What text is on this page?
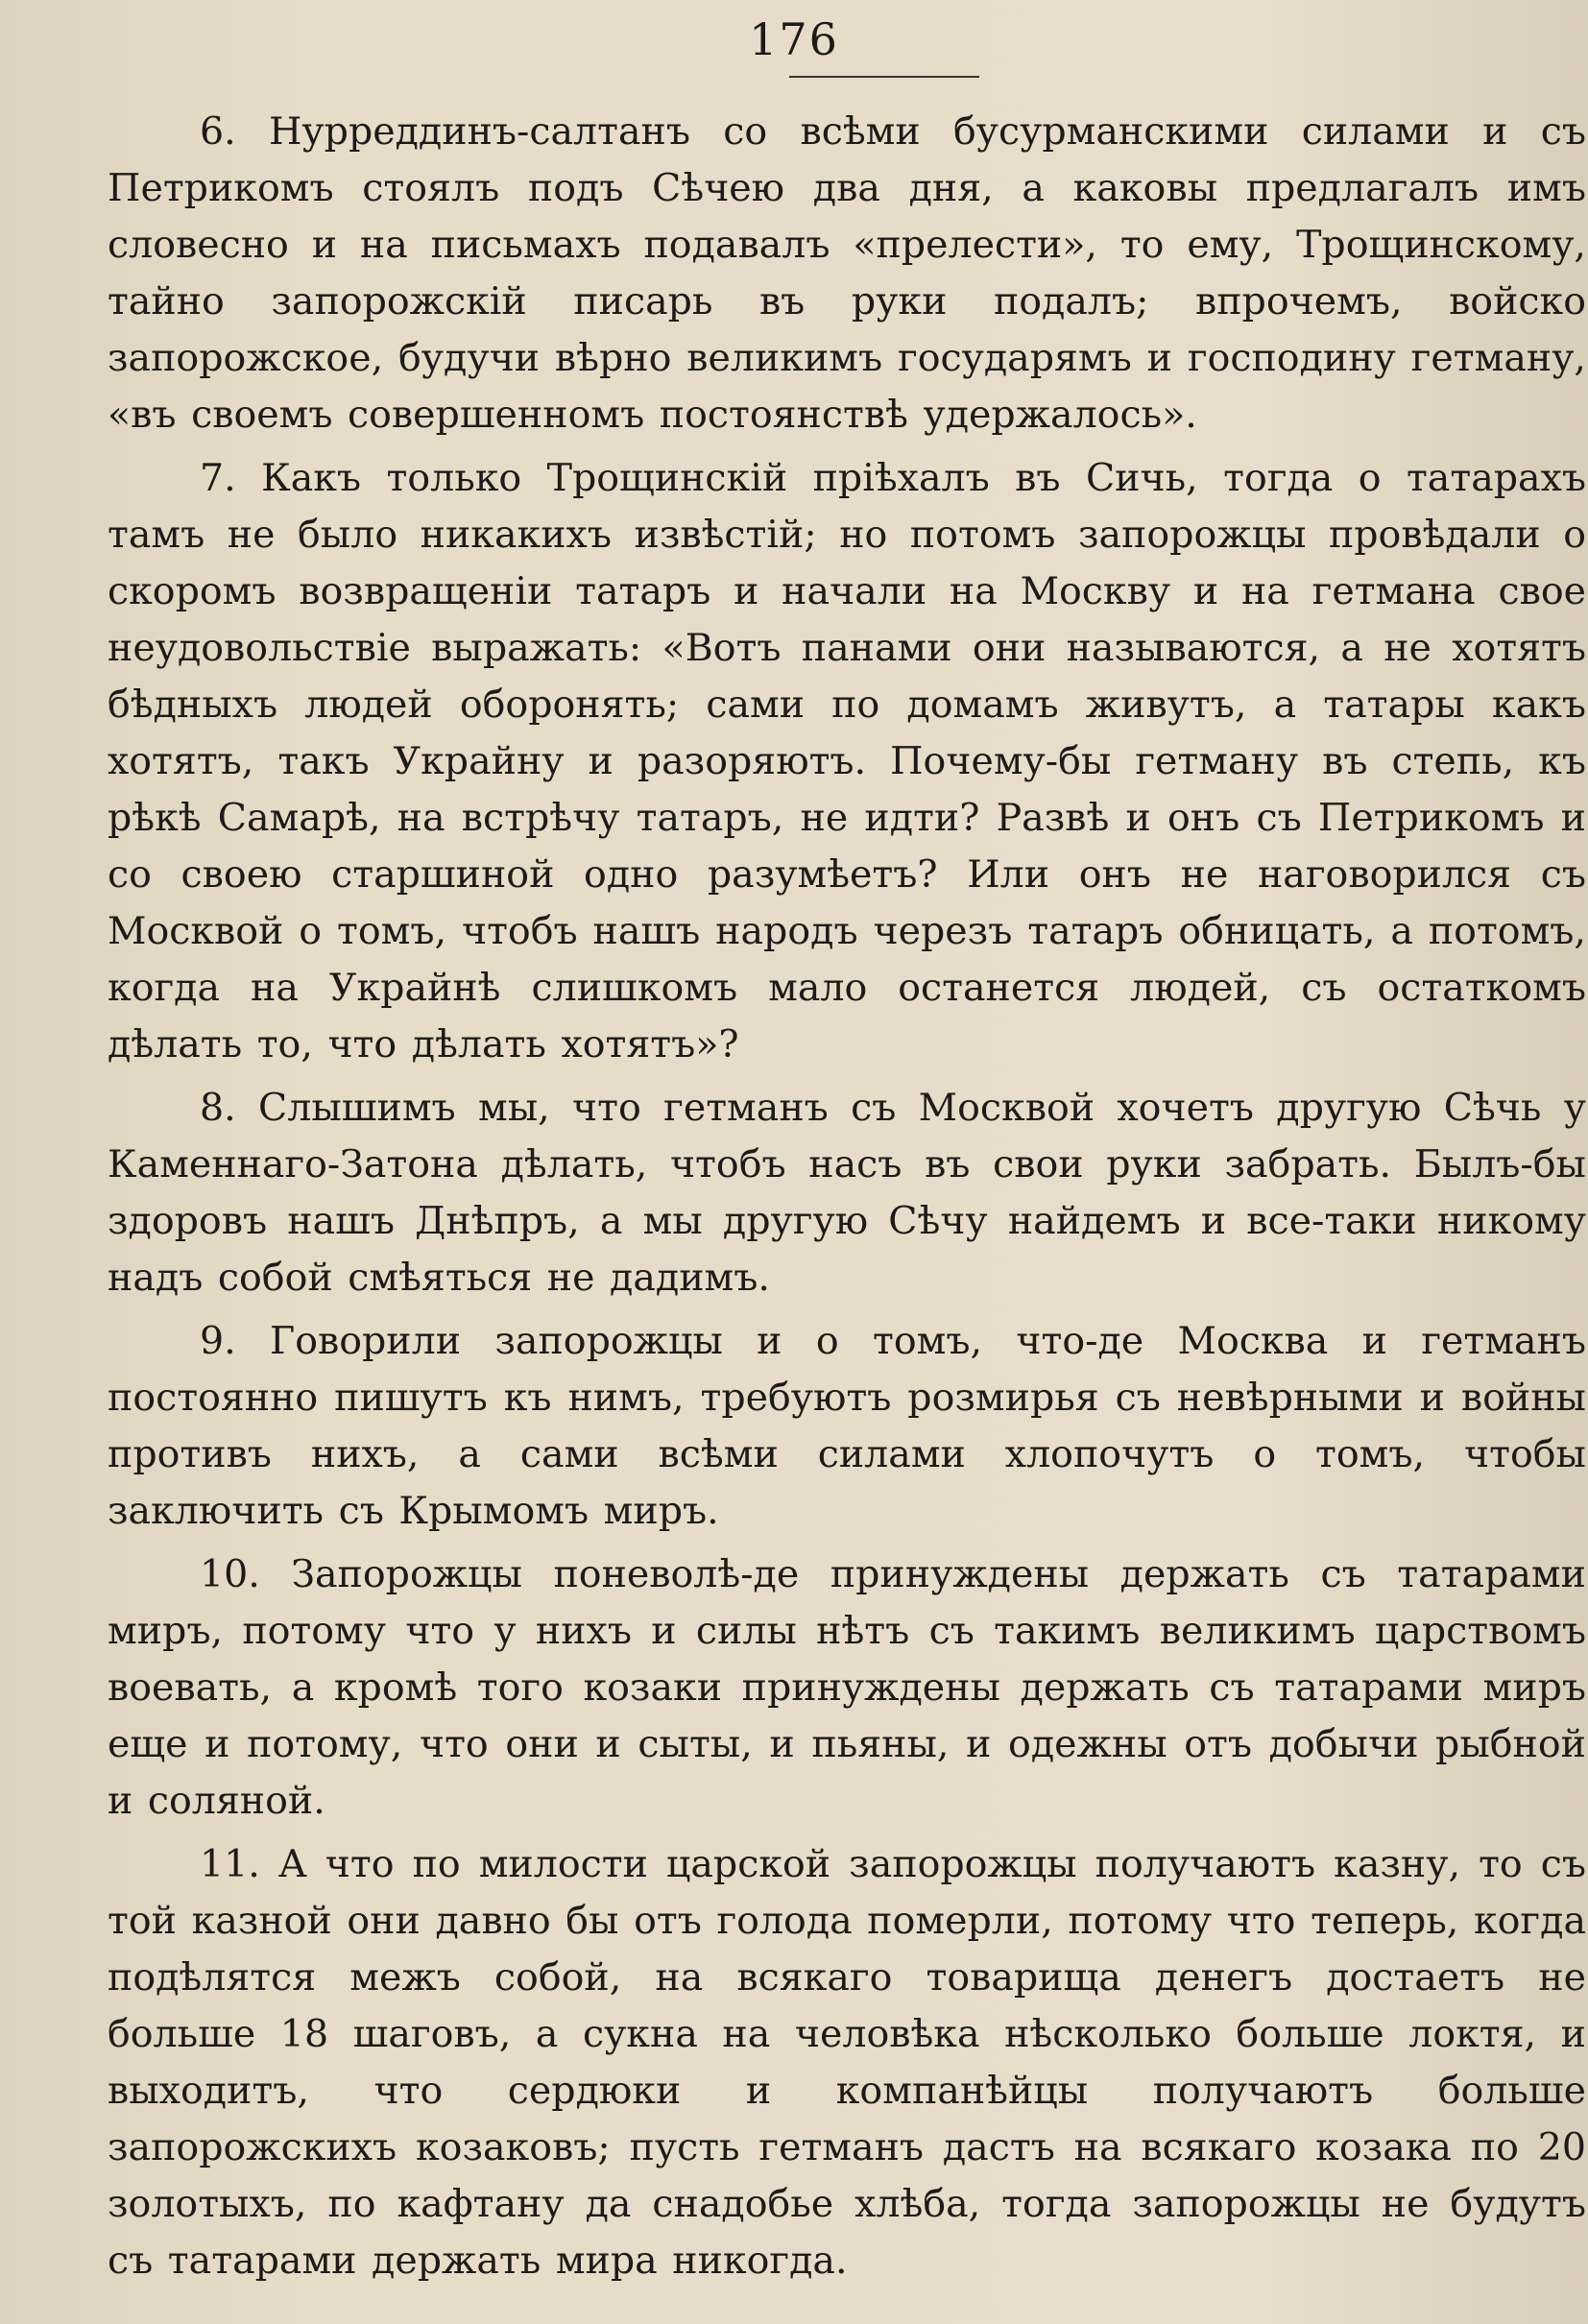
176

6. Нурреддинъ-салтанъ со всѣми бусурманскими силами и съ Петрикомъ стоялъ подъ Сѣчею два дня, а каковы предлагалъ имъ словесно и на письмахъ подавалъ «прелести», то ему, Трощинскому, тайно запорожскій писарь въ руки подалъ; впрочемъ, войско запорожское, будучи вѣрно великимъ государямъ и господину гетману, «въ своемъ совершенномъ постоянствѣ удержалось».

7. Какъ только Трощинскій пріѣхалъ въ Сичь, тогда о татарахъ тамъ не было никакихъ извѣстій; но потомъ запорожцы провѣдали о скоромъ возвращеніи татаръ и начали на Москву и на гетмана свое неудовольствіе выражать: «Вотъ панами они называются, а не хотятъ бѣдныхъ людей оборонять; сами по домамъ живутъ, а татары какъ хотятъ, такъ Украйну и разоряютъ. Почему-бы гетману въ степь, къ рѣкѣ Самарѣ, на встрѣчу татаръ, не идти? Развѣ и онъ съ Петрикомъ и со своею старшиной одно разумѣетъ? Или онъ не наговорился съ Москвой о томъ, чтобъ нашъ народъ черезъ татаръ обницать, а потомъ, когда на Украйнѣ слишкомъ мало останется людей, съ остаткомъ дѣлать то, что дѣлать хотятъ»?

8. Слышимъ мы, что гетманъ съ Москвой хочетъ другую Сѣчь у Каменнаго-Затона дѣлать, чтобъ насъ въ свои руки забрать. Былъ-бы здоровъ нашъ Днѣпръ, а мы другую Сѣчу найдемъ и все-таки никому надъ собой смѣяться не дадимъ.

9. Говорили запорожцы и о томъ, что-де Москва и гетманъ постоянно пишутъ къ нимъ, требуютъ розмирья съ невѣрными и войны противъ нихъ, а сами всѣми силами хлопочутъ о томъ, чтобы заключить съ Крымомъ миръ.

10. Запорожцы поневолѣ-де принуждены держать съ татарами миръ, потому что у нихъ и силы нѣтъ съ такимъ великимъ царствомъ воевать, а кромѣ того козаки принуждены держать съ татарами миръ еще и потому, что они и сыты, и пьяны, и одежны отъ добычи рыбной и соляной.

11. А что по милости царской запорожцы получаютъ казну, то съ той казной они давно бы отъ голода померли, потому что теперь, когда подѣлятся межъ собой, на всякаго товарища денегъ достаетъ не больше 18 шаговъ, а сукна на человѣка нѣсколько больше локтя, и выходитъ, что сердюки и компанѣйцы получаютъ больше запорожскихъ козаковъ; пусть гетманъ дастъ на всякаго козака по 20 золотыхъ, по кафтану да снадобье хлѣба, тогда запорожцы не будутъ съ татарами держать мира никогда.
